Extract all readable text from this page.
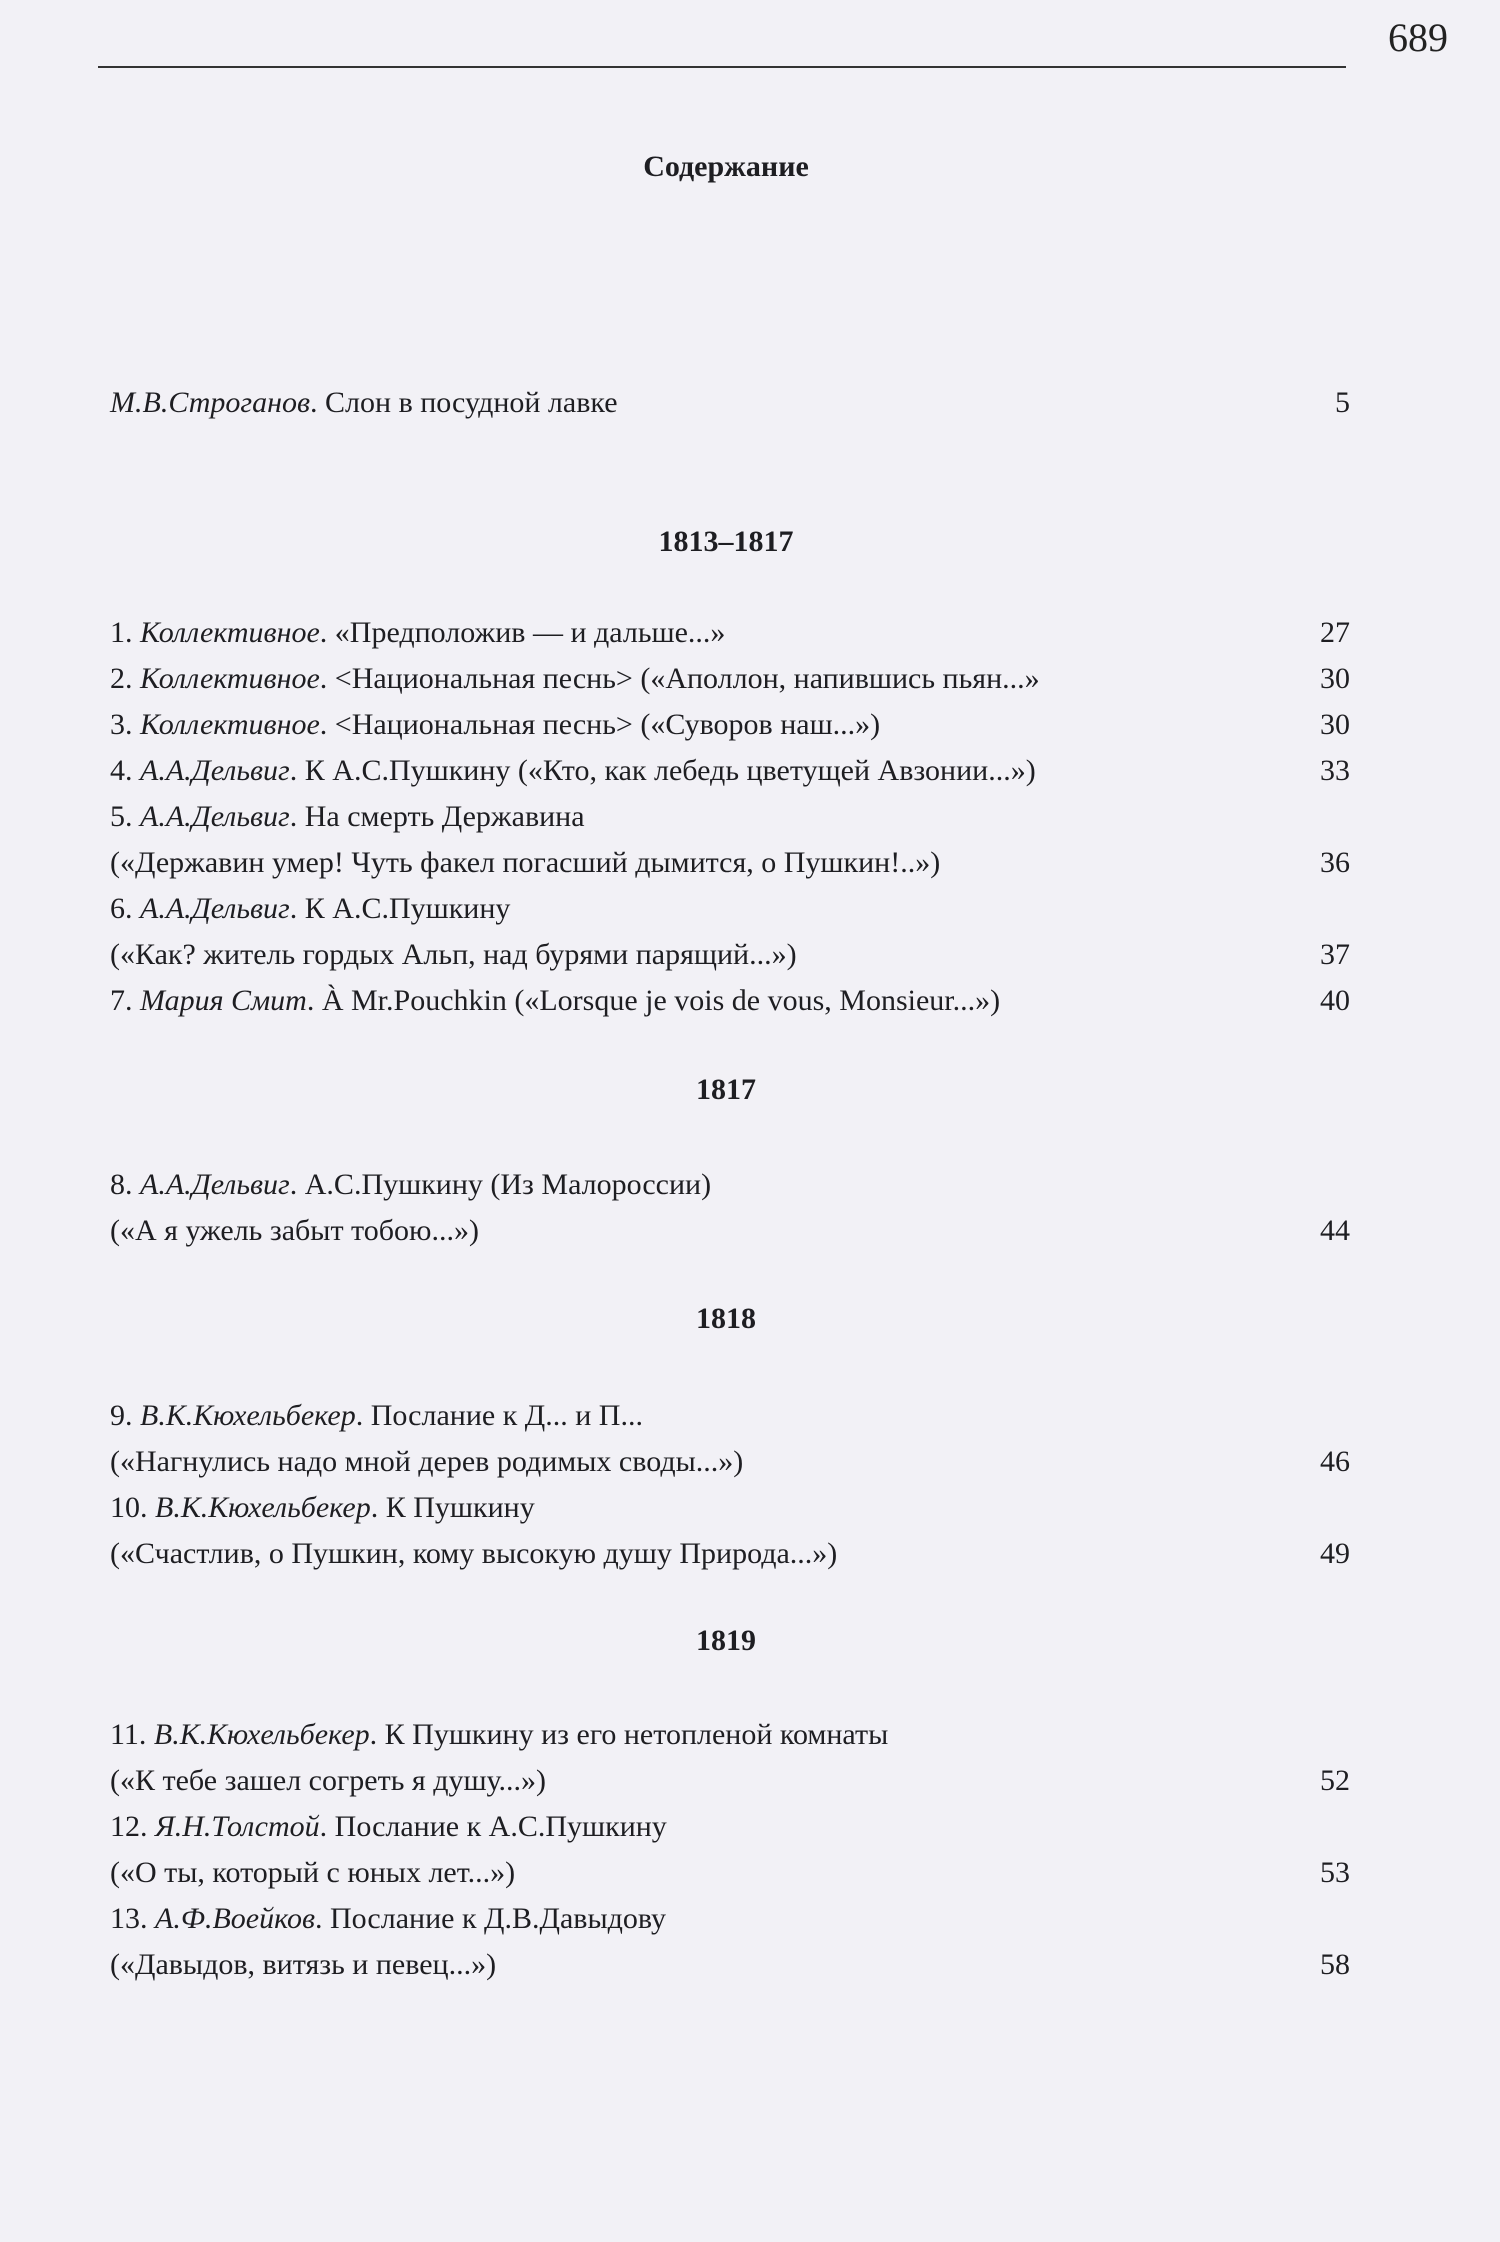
689
Содержание
М.В.Строганов. Слон в посудной лавке	5
1813–1817
1. Коллективное. «Предположив — и дальше...»	27
2. Коллективное. <Национальная песнь> («Аполлон, напившись пьян...»	30
3. Коллективное. <Национальная песнь> («Суворов наш...»)	30
4. А.А.Дельвиг. К А.С.Пушкину («Кто, как лебедь цветущей Авзонии...»)	33
5. А.А.Дельвиг. На смерть Державина
(«Державин умер! Чуть факел погасший дымится, о Пушкин!..»)	36
6. А.А.Дельвиг. К А.С.Пушкину
(«Как? житель гордых Альп, над бурями парящий...»)	37
7. Мария Смит. À Mr.Pouchkin («Lorsque je vois de vous, Monsieur...»)	40
1817
8. А.А.Дельвиг. А.С.Пушкину (Из Малороссии)
(«А я ужель забыт тобою...»)	44
1818
9. В.К.Кюхельбекер. Послание к Д... и П...
(«Нагнулись надо мной дерев родимых своды...»)	46
10. В.К.Кюхельбекер. К Пушкину
(«Счастлив, о Пушкин, кому высокую душу Природа...»)	49
1819
11. В.К.Кюхельбекер. К Пушкину из его нетопленой комнаты
(«К тебе зашел согреть я душу...»)	52
12. Я.Н.Толстой. Послание к А.С.Пушкину
(«О ты, который с юных лет...»)	53
13. А.Ф.Воейков. Послание к Д.В.Давыдову
(«Давыдов, витязь и певец...»)	58
